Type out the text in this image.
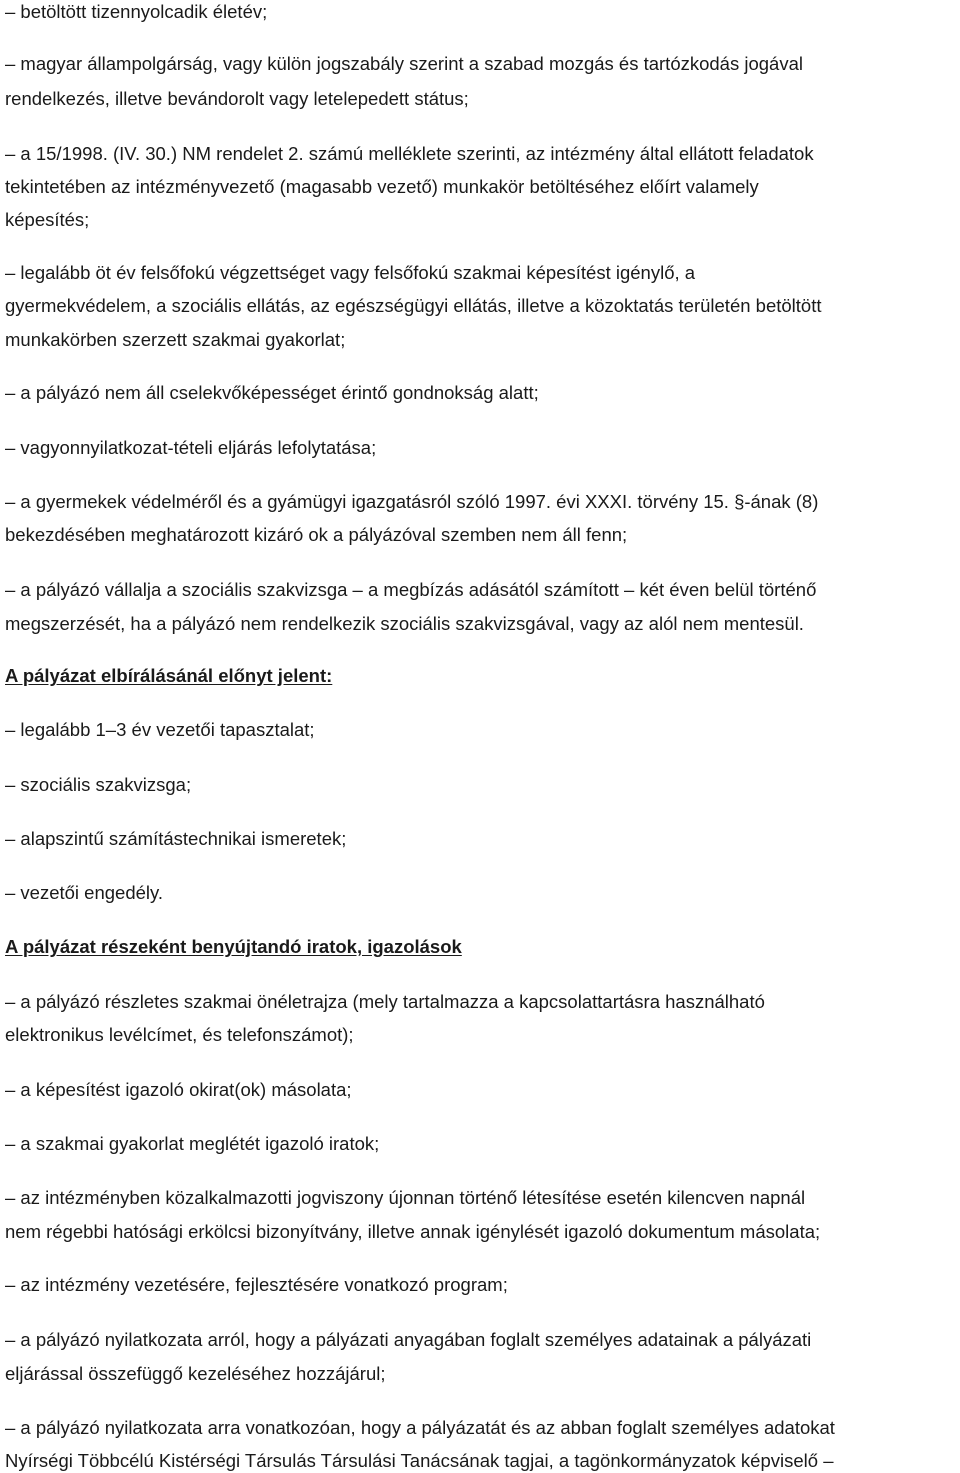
– betöltött tizennyolcadik életév;
– magyar állampolgárság, vagy külön jogszabály szerint a szabad mozgás és tartózkodás jogával
rendelkezés, illetve bevándorolt vagy letelepedett státus;
– a 15/1998. (IV. 30.) NM rendelet 2. számú melléklete szerinti, az intézmény által ellátott feladatok
tekintetében az intézményvezető (magasabb vezető) munkakör betöltéséhez előírt valamely
képesítés;
– legalább öt év felsőfokú végzettséget vagy felsőfokú szakmai képesítést igénylő, a
gyermekvédelem, a szociális ellátás, az egészségügyi ellátás, illetve a közoktatás területén betöltött
munkakörben szerzett szakmai gyakorlat;
– a pályázó nem áll cselekvőképességet érintő gondnokság alatt;
– vagyonnyilatkozat-tételi eljárás lefolytatása;
– a gyermekek védelméről és a gyámügyi igazgatásról szóló 1997. évi XXXI. törvény 15. §-ának (8)
bekezdésében meghatározott kizáró ok a pályázóval szemben nem áll fenn;
– a pályázó vállalja a szociális szakvizsga – a megbízás adásától számított – két éven belül történő
megszerzését, ha a pályázó nem rendelkezik szociális szakvizsgával, vagy az alól nem mentesül.
A pályázat elbírálásánál előnyt jelent:
– legalább 1–3 év vezetői tapasztalat;
– szociális szakvizsga;
– alapszintű számítástechnikai ismeretek;
– vezetői engedély.
A pályázat részeként benyújtandó iratok, igazolások
– a pályázó részletes szakmai önéletrajza (mely tartalmazza a kapcsolattartásra használható
elektronikus levélcímet, és telefonszámot);
– a képesítést igazoló okirat(ok) másolata;
– a szakmai gyakorlat meglétét igazoló iratok;
– az intézményben közalkalmazotti jogviszony újonnan történő létesítése esetén kilencven napnál
nem régebbi hatósági erkölcsi bizonyítvány, illetve annak igénylését igazoló dokumentum másolata;
– az intézmény vezetésére, fejlesztésére vonatkozó program;
– a pályázó nyilatkozata arról, hogy a pályázati anyagában foglalt személyes adatainak a pályázati
eljárással összefüggő kezeléséhez hozzájárul;
– a pályázó nyilatkozata arra vonatkozóan, hogy a pályázatát és az abban foglalt személyes adatokat
Nyírségi Többcélú Kistérségi Társulás Társulási Tanácsának tagjai, a tagönkormányzatok képviselő –
